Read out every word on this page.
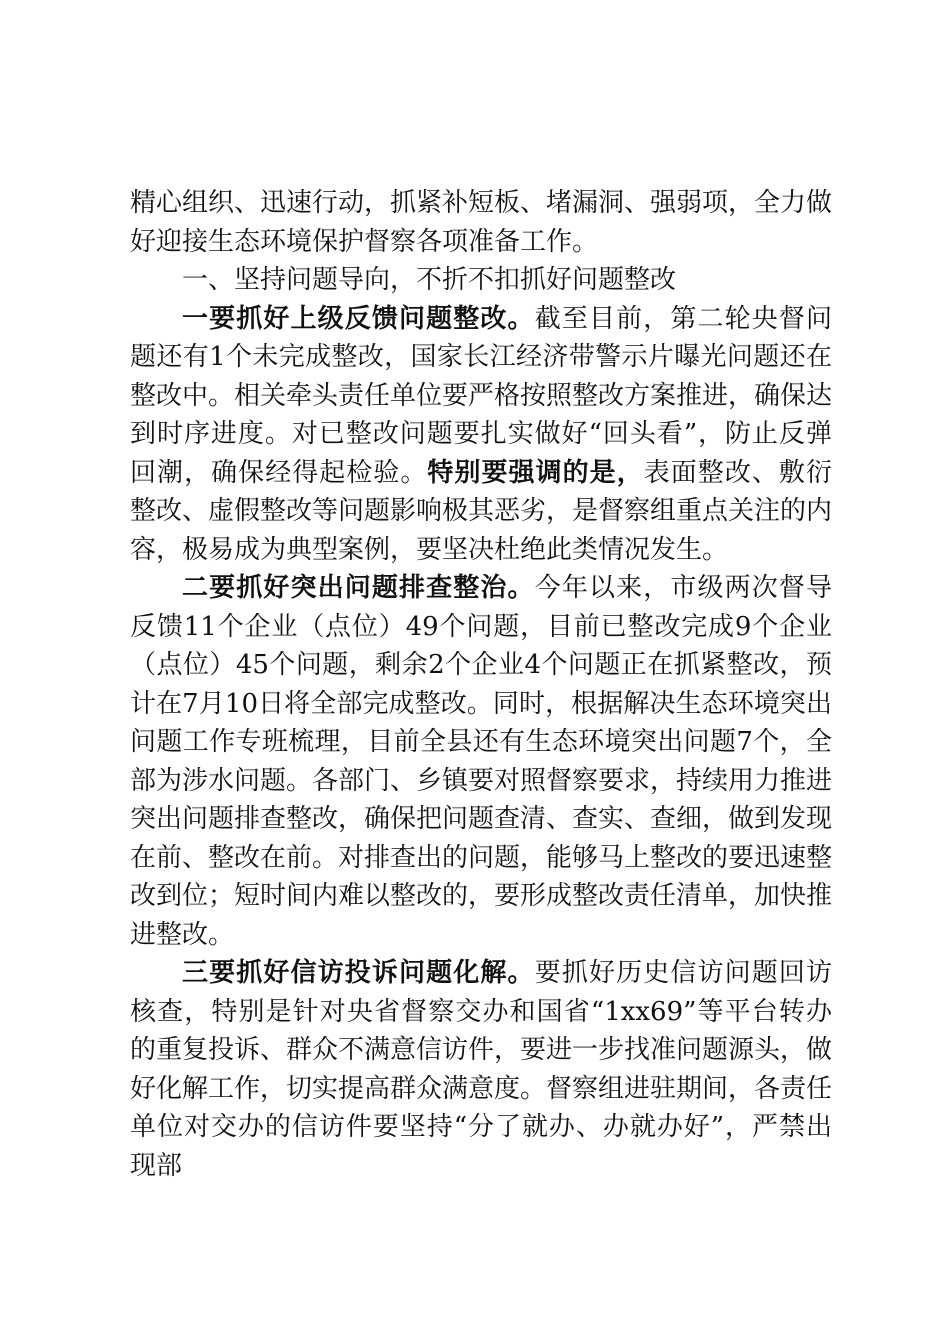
精心组织、迅速行动，抓紧补短板、堵漏洞、强弱项，全力做好迎接生态环境保护督察各项准备工作。

一、坚持问题导向，不折不扣抓好问题整改

一要抓好上级反馈问题整改。截至目前，第二轮央督问题还有1个未完成整改，国家长江经济带警示片曝光问题还在整改中。相关牵头责任单位要严格按照整改方案推进，确保达到时序进度。对已整改问题要扎实做好“回头看”，防止反弹回潮，确保经得起检验。特别要强调的是，表面整改、敷衍整改、虚假整改等问题影响极其恶劣，是督察组重点关注的内容，极易成为典型案例，要坚决杜绝此类情况发生。

二要抓好突出问题排查整治。今年以来，市级两次督导反馈11个企业（点位）49个问题，目前已整改完成9个企业（点位）45个问题，剩余2个企业4个问题正在抓紧整改，预计在7月10日将全部完成整改。同时，根据解决生态环境突出问题工作专班梳理，目前全县还有生态环境突出问题7个，全部为涉水问题。各部门、乡镇要对照督察要求，持续用力推进突出问题排查整改，确保把问题查清、查实、查细，做到发现在前、整改在前。对排查出的问题，能够马上整改的要迅速整改到位；短时间内难以整改的，要形成整改责任清单，加快推进整改。

三要抓好信访投诉问题化解。要抓好历史信访问题回访核查，特别是针对央省督察交办和国省“1xx69”等平台转办的重复投诉、群众不满意信访件，要进一步找准问题源头，做好化解工作，切实提高群众满意度。督察组进驻期间，各责任单位对交办的信访件要坚持“分了就办、办就办好”，严禁出现部
